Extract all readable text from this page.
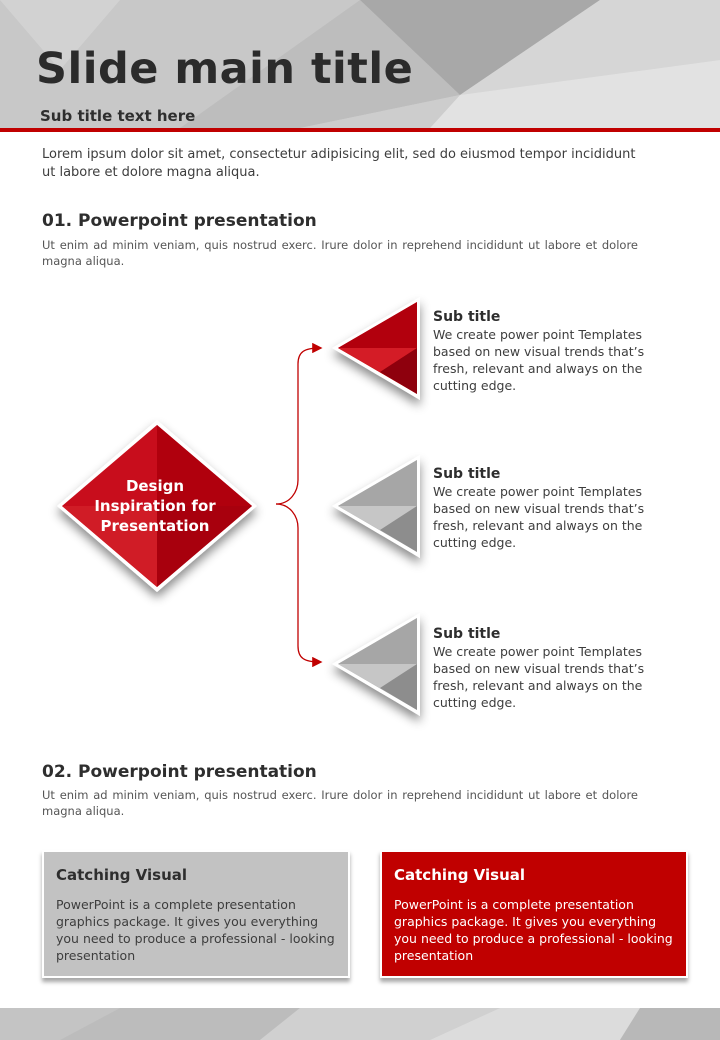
Slide main title
Sub title text here
Lorem ipsum dolor sit amet, consectetur adipisicing elit, sed do eiusmod tempor incididunt ut labore et dolore magna aliqua.
01. Powerpoint presentation
Ut enim ad minim veniam, quis nostrud exerc. Irure dolor in reprehend incididunt ut labore et dolore magna aliqua.
Design
Inspiration for
Presentation
Sub title
We create power point Templates based on new visual trends that’s fresh, relevant and always on the cutting edge.
Sub title
We create power point Templates based on new visual trends that’s fresh, relevant and always on the cutting edge.
Sub title
We create power point Templates based on new visual trends that’s fresh, relevant and always on the cutting edge.
02. Powerpoint presentation
Ut enim ad minim veniam, quis nostrud exerc. Irure dolor in reprehend incididunt ut labore et dolore magna aliqua.
Catching Visual
PowerPoint is a complete presentation graphics package. It gives you everything you need to produce a professional - looking presentation
Catching Visual
PowerPoint is a complete presentation graphics package. It gives you everything you need to produce a professional - looking presentation
